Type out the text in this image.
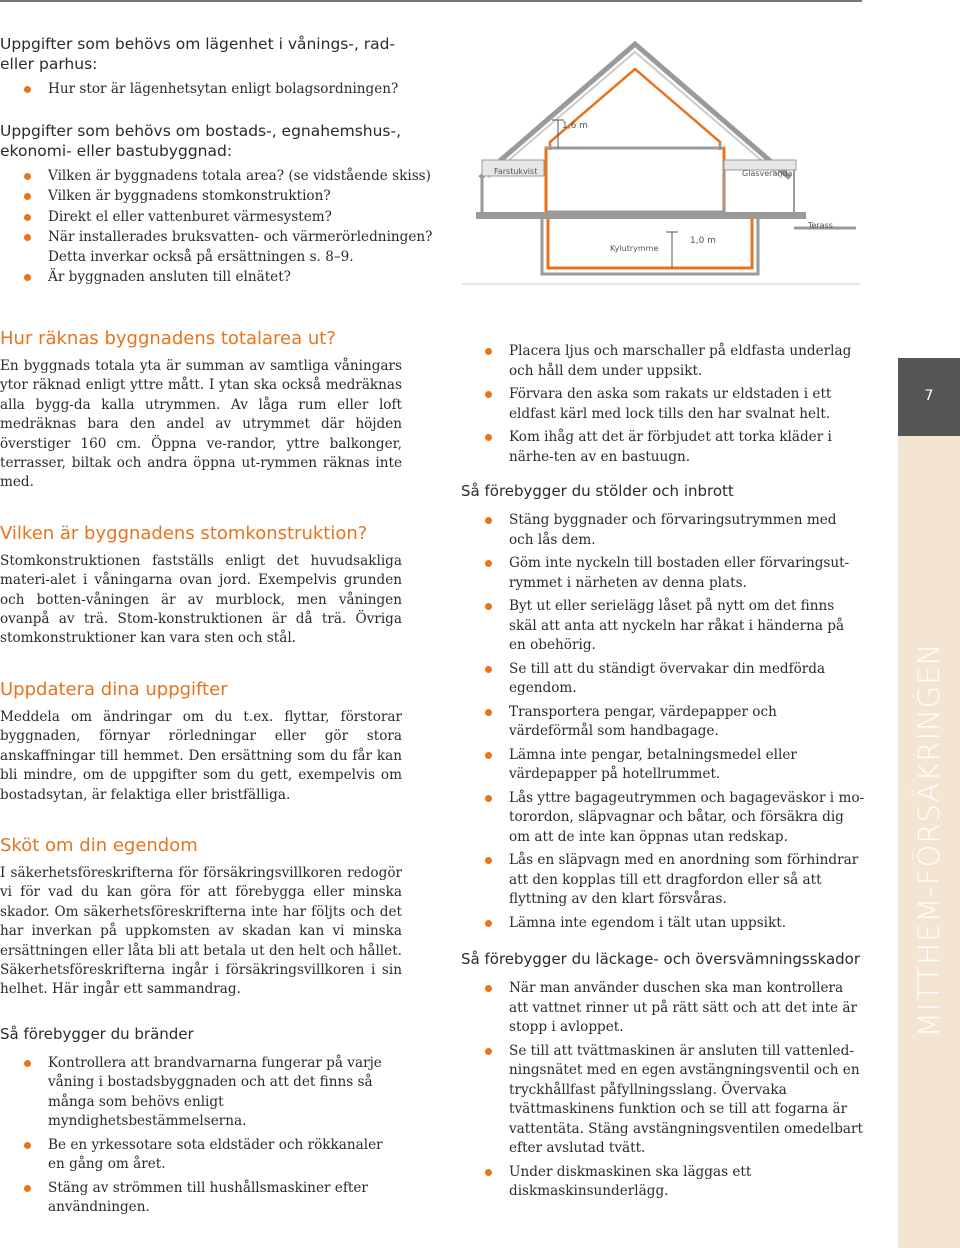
Uppgifter som behövs om lägenhet i vånings-, rad-
eller parhus:
Hur stor är lägenhetsytan enligt bolagsordningen?
Uppgifter som behövs om bostads-, egnahemshus-,
ekonomi- eller bastubyggnad:
Vilken är byggnadens totala area? (se vidstående skiss)
Vilken är byggnadens stomkonstruktion?
Direkt el eller vattenburet värmesystem?
När installerades bruksvatten- och värmerörledningen?
Detta inverkar också på ersättningen s. 8–9.
Är byggnaden ansluten till elnätet?
1,6 m
Farstukvist	Glasveranda
Terass
1,0 m
Kylutrymme
Hur räknas byggnadens totalarea ut?

En byggnads totala yta är summan av samtliga våningars ytor räknad enligt yttre mått. I ytan ska också medräknas alla bygg-da kalla utrymmen. Av låga rum eller loft medräknas bara den andel av utrymmet där höjden överstiger 160 cm. Öppna ve-randor, yttre balkonger, terrasser, biltak och andra öppna ut-rymmen räknas inte med.

Vilken är byggnadens stomkonstruktion?

Stomkonstruktionen fastställs enligt det huvudsakliga materi-alet i våningarna ovan jord. Exempelvis grunden och botten-våningen är av murblock, men våningen ovanpå av trä. Stom-konstruktionen är då trä. Övriga stomkonstruktioner kan vara sten och stål.

Uppdatera dina uppgifter

Meddela om ändringar om du t.ex. flyttar, förstorar byggnaden, förnyar rörledningar eller gör stora anskaffningar till hemmet. Den ersättning som du får kan bli mindre, om de uppgifter som du gett, exempelvis om bostadsytan, är felaktiga eller bristfälliga.

Sköt om din egendom

I säkerhetsföreskrifterna för försäkringsvillkoren redogör vi för vad du kan göra för att förebygga eller minska skador. Om säkerhetsföreskrifterna inte har följts och det har inverkan på uppkomsten av skadan kan vi minska ersättningen eller låta bli att betala ut den helt och hållet. Säkerhetsföreskrifterna ingår i försäkringsvillkoren i sin helhet. Här ingår ett sammandrag.

Så förebygger du bränder
Kontrollera att brandvarnarna fungerar på varje våning i bostadsbyggnaden och att det finns så många som behövs enligt myndighetsbestämmelserna.
Be en yrkessotare sota eldstäder och rökkanaler en gång om året.
Stäng av strömmen till hushållsmaskiner efter användningen.
Placera ljus och marschaller på eldfasta underlag och håll dem under uppsikt.
Förvara den aska som rakats ur eldstaden i ett eldfast kärl med lock tills den har svalnat helt.
Kom ihåg att det är förbjudet att torka kläder i närhe-ten av en bastuugn.
Så förebygger du stölder och inbrott
Stäng byggnader och förvaringsutrymmen med och lås dem.
Göm inte nyckeln till bostaden eller förvaringsut-rymmet i närheten av denna plats.
Byt ut eller serielägg låset på nytt om det finns skäl att anta att nyckeln har råkat i händerna på en obehörig.
Se till att du ständigt övervakar din medförda egendom.
Transportera pengar, värdepapper och värdeförmål som handbagage.
Lämna inte pengar, betalningsmedel eller värdepapper på hotellrummet.
Lås yttre bagageutrymmen och bagageväskor i mo-torordon, släpvagnar och båtar, och försäkra dig om att de inte kan öppnas utan redskap.
Lås en släpvagn med en anordning som förhindrar att den kopplas till ett dragfordon eller så att flyttning av den klart försvåras.
Lämna inte egendom i tält utan uppsikt.
Så förebygger du läckage- och översvämningsskador
När man använder duschen ska man kontrollera att vattnet rinner ut på rätt sätt och att det inte är stopp i avloppet.
Se till att tvättmaskinen är ansluten till vattenled-ningsnätet med en egen avstängningsventil och en tryckhållfast påfyllningsslang. Övervaka tvättmaskinens funktion och se till att fogarna är vattentäta. Stäng avstängningsventilen omedelbart efter avslutad tvätt.
Under diskmaskinen ska läggas ett diskmaskinsunderlägg.
7
MITTHEM-FÖRSÄKRINGEN
